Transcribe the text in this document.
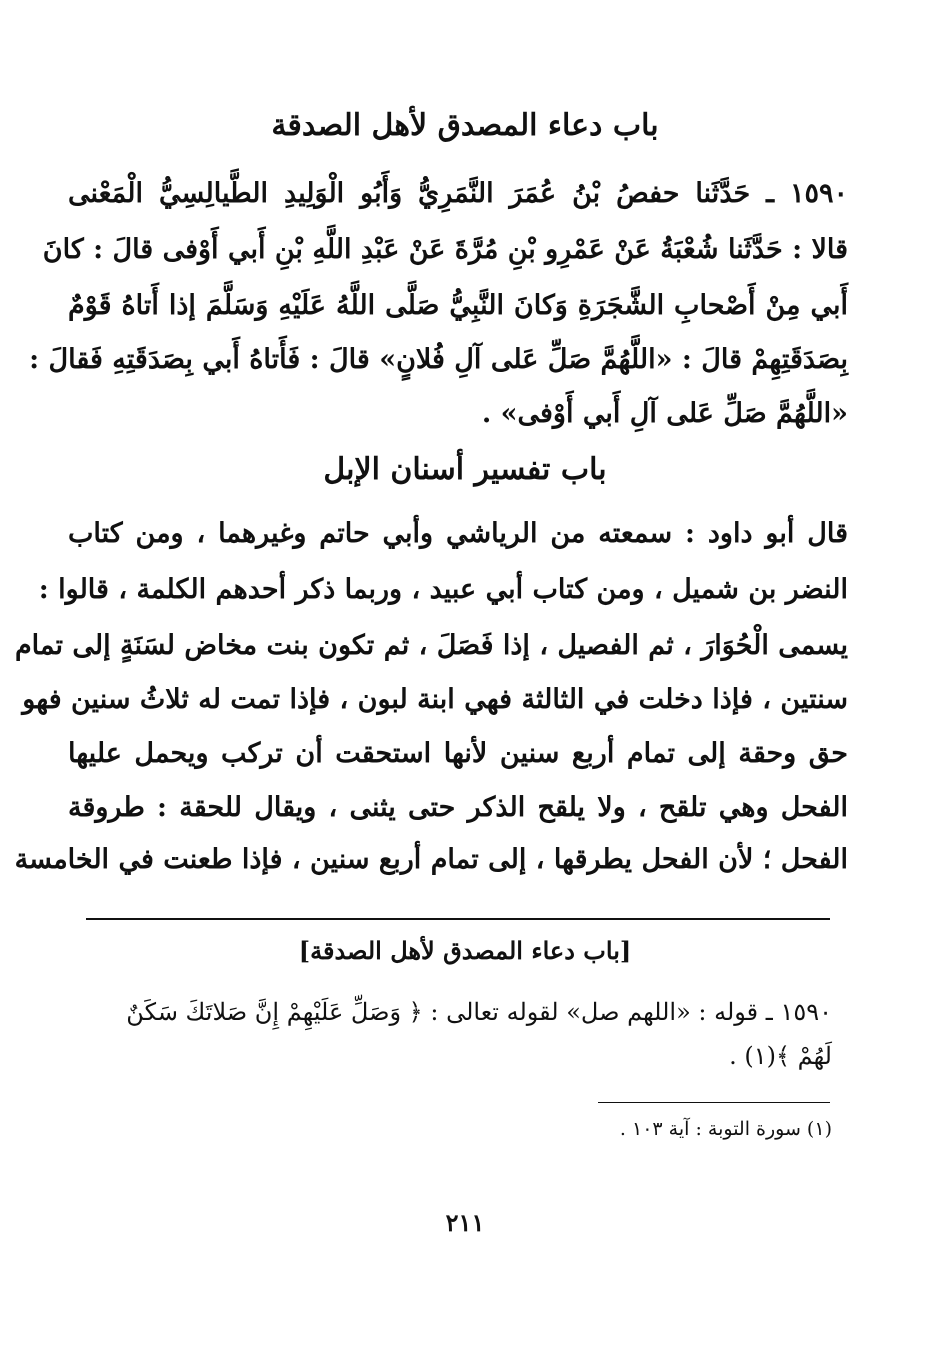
باب دعاء المصدق لأهل الصدقة
١٥٩٠ ـ حَدَّثَنا حفصُ بْنُ عُمَرَ النَّمَرِيُّ وَأَبُو الْوَلِيدِ الطَّيالِسِيُّ الْمَعْنى
قالا : حَدَّثَنا شُعْبَةُ عَنْ عَمْرِو بْنِ مُرَّةَ عَنْ عَبْدِ اللَّهِ بْنِ أَبي أَوْفى قالَ : كانَ
أَبي مِنْ أَصْحابِ الشَّجَرَةِ وَكانَ النَّبِيُّ صَلَّى اللَّهُ عَلَيْهِ وَسَلَّمَ إذا أَتاهُ قَوْمٌ
بِصَدَقَتِهِمْ قالَ : «اللَّهُمَّ صَلِّ عَلى آلِ فُلانٍ» قالَ : فَأَتاهُ أَبي بِصَدَقَتِهِ فَقالَ :
«اللَّهُمَّ صَلِّ عَلى آلِ أَبي أَوْفى» .
باب تفسير أسنان الإبل
قال أبو داود : سمعته من الرياشي وأبي حاتم وغيرهما ، ومن كتاب
النضر بن شميل ، ومن كتاب أبي عبيد ، وربما ذكر أحدهم الكلمة ، قالوا :
يسمى الْحُوَارَ ، ثم الفصيل ، إذا فَصَلَ ، ثم تكون بنت مخاض لسَنَةٍ إلى تمام
سنتين ، فإذا دخلت في الثالثة فهي ابنة لبون ، فإذا تمت له ثلاثُ سنين فهو
حق وحقة إلى تمام أربع سنين لأنها استحقت أن تركب ويحمل عليها
الفحل وهي تلقح ، ولا يلقح الذكر حتى يثنى ، ويقال للحقة : طروقة
الفحل ؛ لأن الفحل يطرقها ، إلى تمام أربع سنين ، فإذا طعنت في الخامسة
[باب دعاء المصدق لأهل الصدقة]
١٥٩٠ ـ قوله : «اللهم صل» لقوله تعالى : ﴿ وَصَلِّ عَلَيْهِمْ إِنَّ صَلاتَكَ سَكَنٌ
لَهُمْ ﴾(١) .
(١) سورة التوبة : آية ١٠٣ .
٢١١
